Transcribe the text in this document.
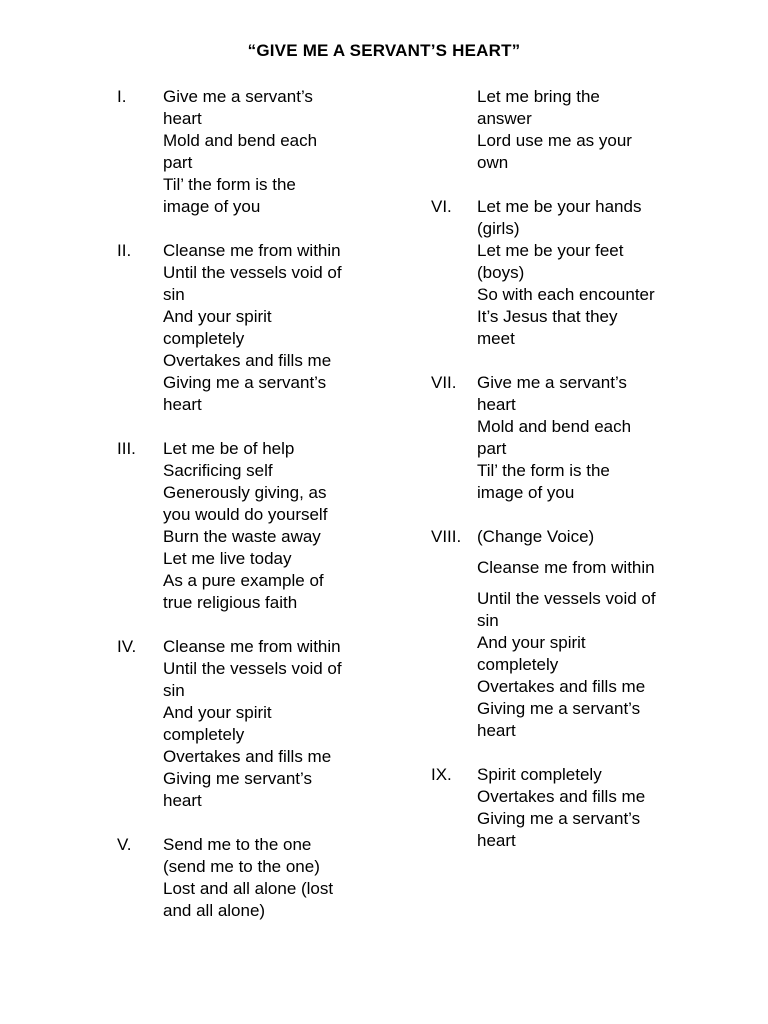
“GIVE ME A SERVANT’S HEART”
I.	Give me a servant’s
heart
Mold and bend each
part
Til’ the form is the
image of you
II.	Cleanse me from within
Until the vessels void of
sin
And your spirit
completely
Overtakes and fills me
Giving me a servant’s
heart
III.	Let me be of help
Sacrificing self
Generously giving, as
you would do yourself
Burn the waste away
Let me live today
As a pure example of
true religious faith
IV.	Cleanse me from within
Until the vessels void of
sin
And your spirit
completely
Overtakes and fills me
Giving me servant’s
heart
V.	Send me to the one
(send me to the one)
Lost and all alone (lost
and all alone)
Let me bring the
answer
Lord use me as your
own
VI.	Let me be your hands
(girls)
Let me be your feet
(boys)
So with each encounter
It’s Jesus that they
meet
VII.	Give me a servant’s
heart
Mold and bend each
part
Til’ the form is the
image of you
VIII. (Change Voice)
Cleanse me from within
Until the vessels void of
sin
And your spirit
completely
Overtakes and fills me
Giving me a servant’s
heart
IX.	Spirit completely
Overtakes and fills me
Giving me a servant’s
heart
